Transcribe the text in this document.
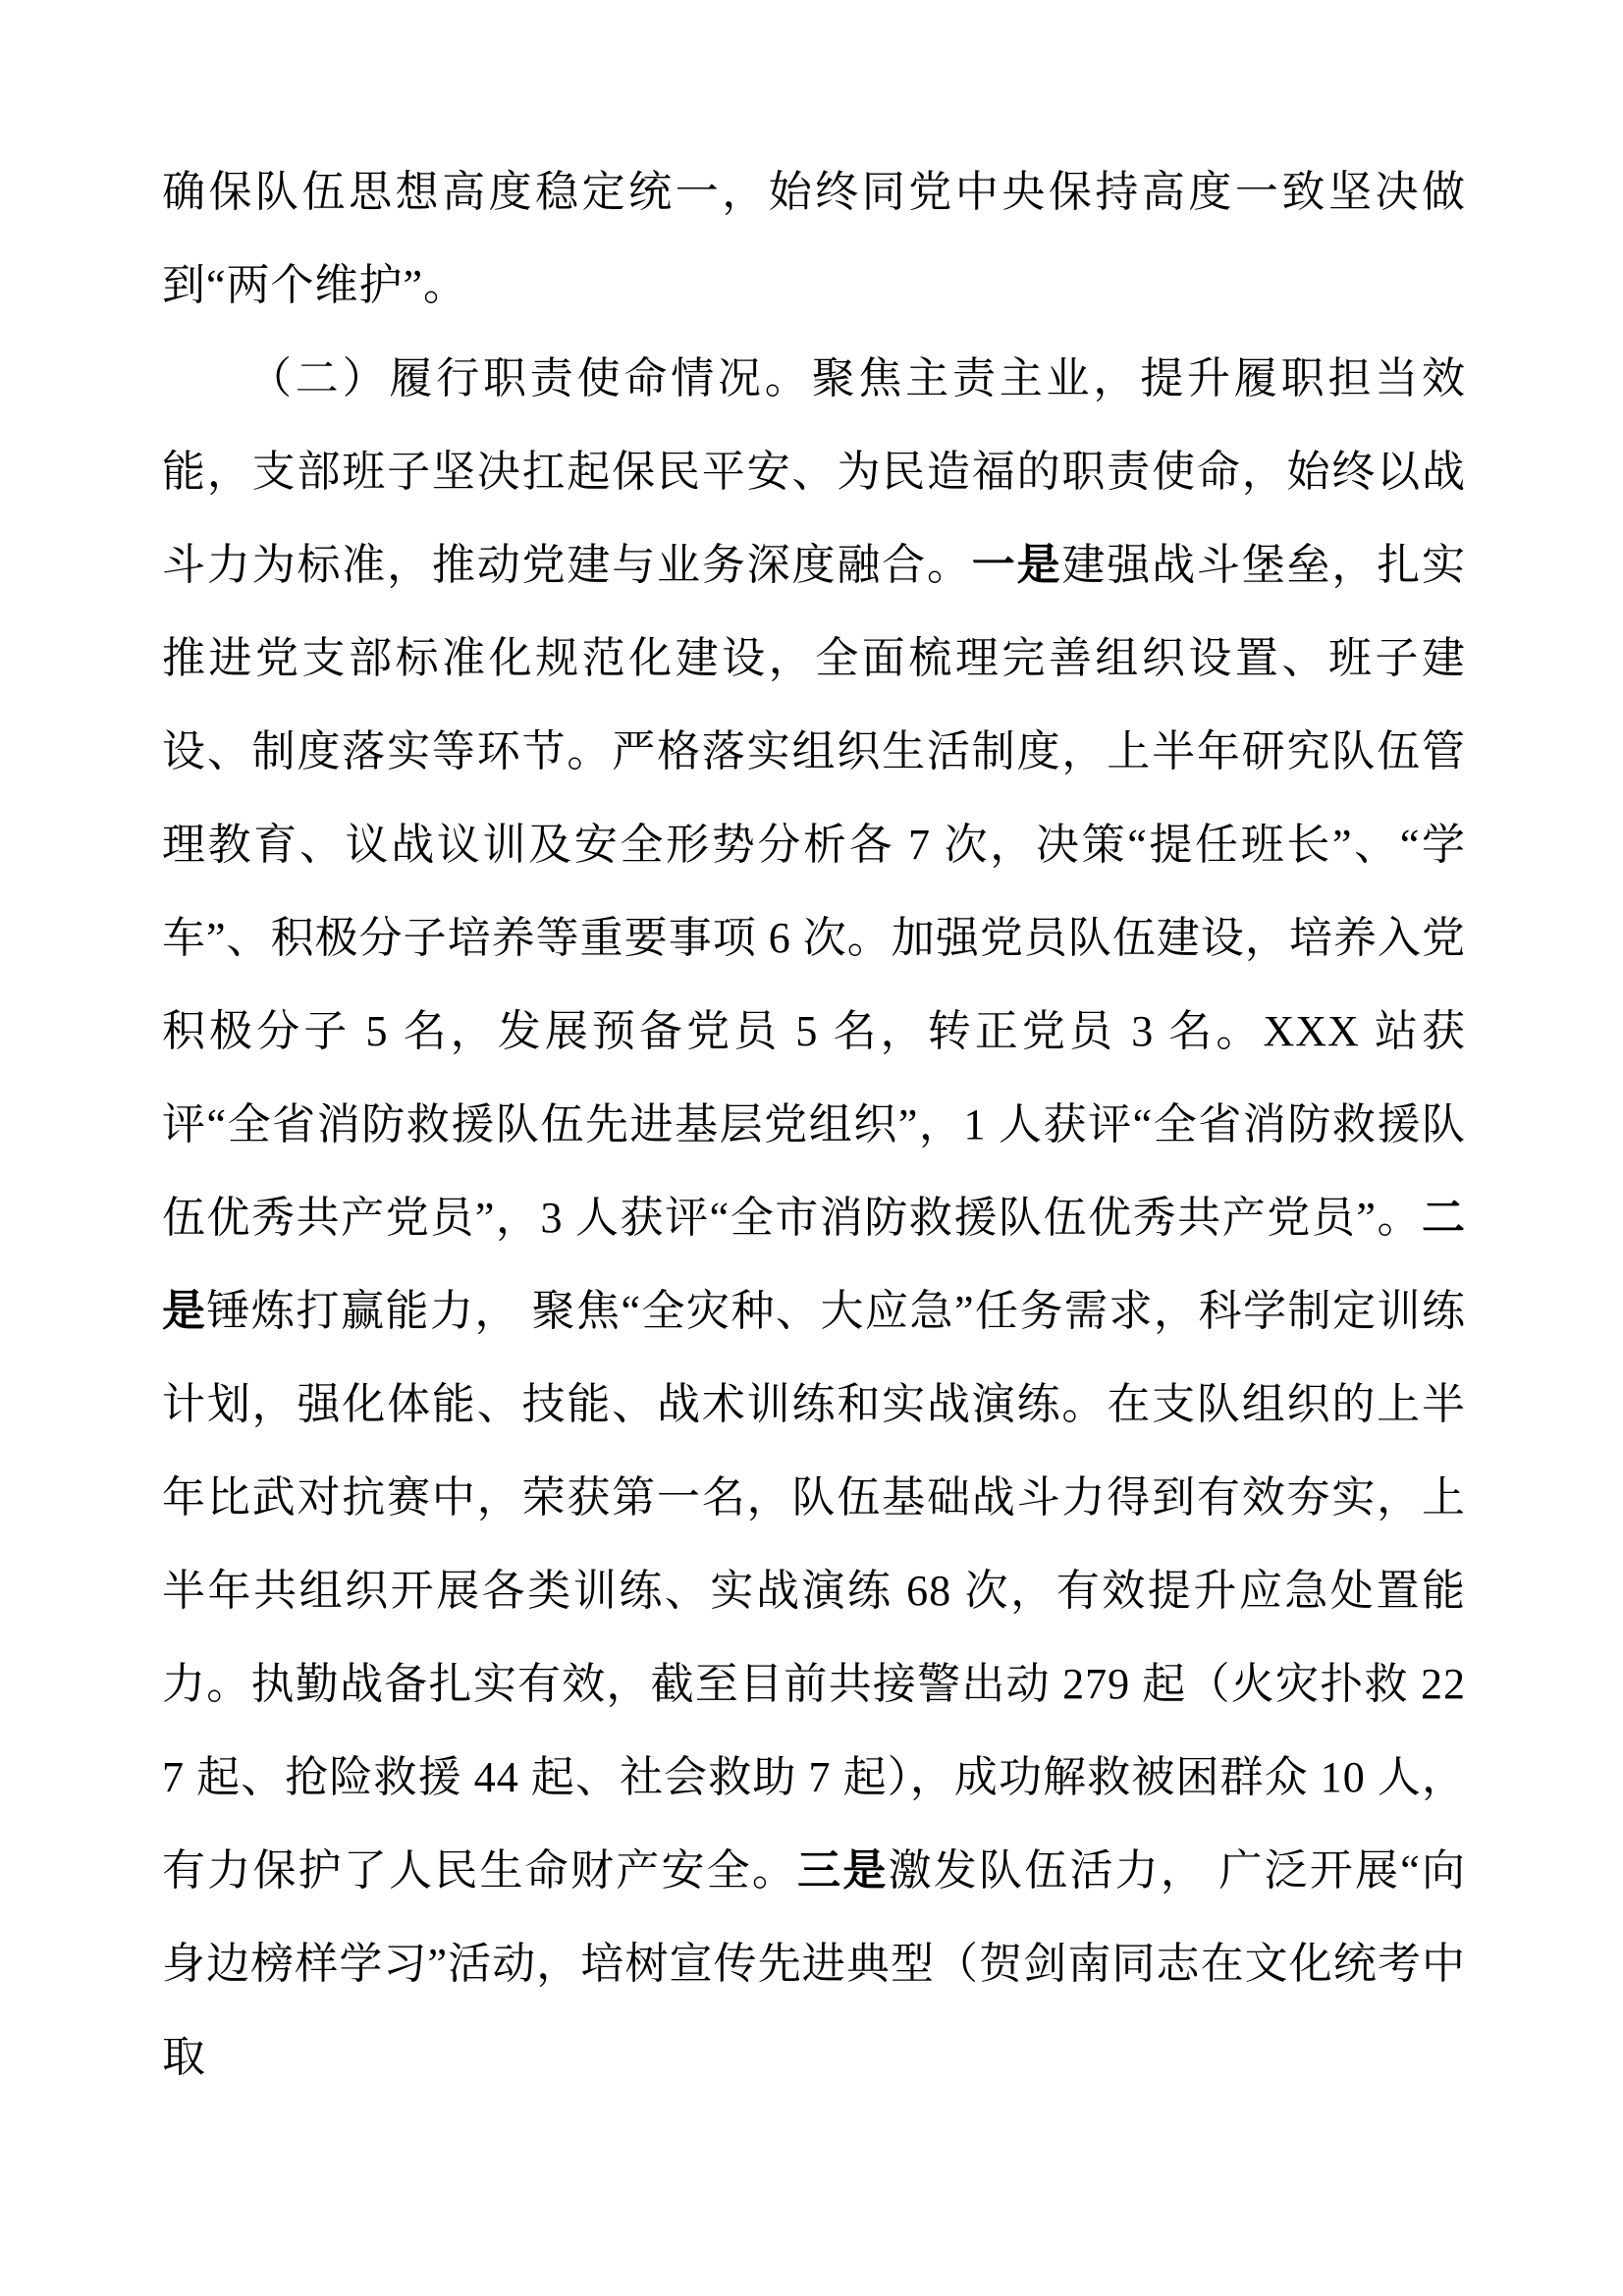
确保队伍思想高度稳定统一，始终同党中央保持高度一致坚决做到“两个维护”。

（二）履行职责使命情况。聚焦主责主业，提升履职担当效能，支部班子坚决扛起保民平安、为民造福的职责使命，始终以战斗力为标准，推动党建与业务深度融合。一是建强战斗堡垒，扎实推进党支部标准化规范化建设，全面梳理完善组织设置、班子建设、制度落实等环节。严格落实组织生活制度，上半年研究队伍管理教育、议战议训及安全形势分析各 7 次，决策“提任班长”、“学车”、积极分子培养等重要事项 6 次。加强党员队伍建设，培养入党积极分子 5 名，发展预备党员 5 名，转正党员 3 名。XXX 站获评“全省消防救援队伍先进基层党组织”，1 人获评“全省消防救援队伍优秀共产党员”，3 人获评“全市消防救援队伍优秀共产党员”。二是锤炼打赢能力， 聚焦“全灾种、大应急”任务需求，科学制定训练计划，强化体能、技能、战术训练和实战演练。在支队组织的上半年比武对抗赛中，荣获第一名，队伍基础战斗力得到有效夯实，上半年共组织开展各类训练、实战演练 68 次，有效提升应急处置能力。执勤战备扎实有效，截至目前共接警出动 279 起（火灾扑救 227 起、抢险救援 44 起、社会救助 7 起），成功解救被困群众 10 人，有力保护了人民生命财产安全。三是激发队伍活力， 广泛开展“向身边榜样学习”活动，培树宣传先进典型（贺剑南同志在文化统考中取
